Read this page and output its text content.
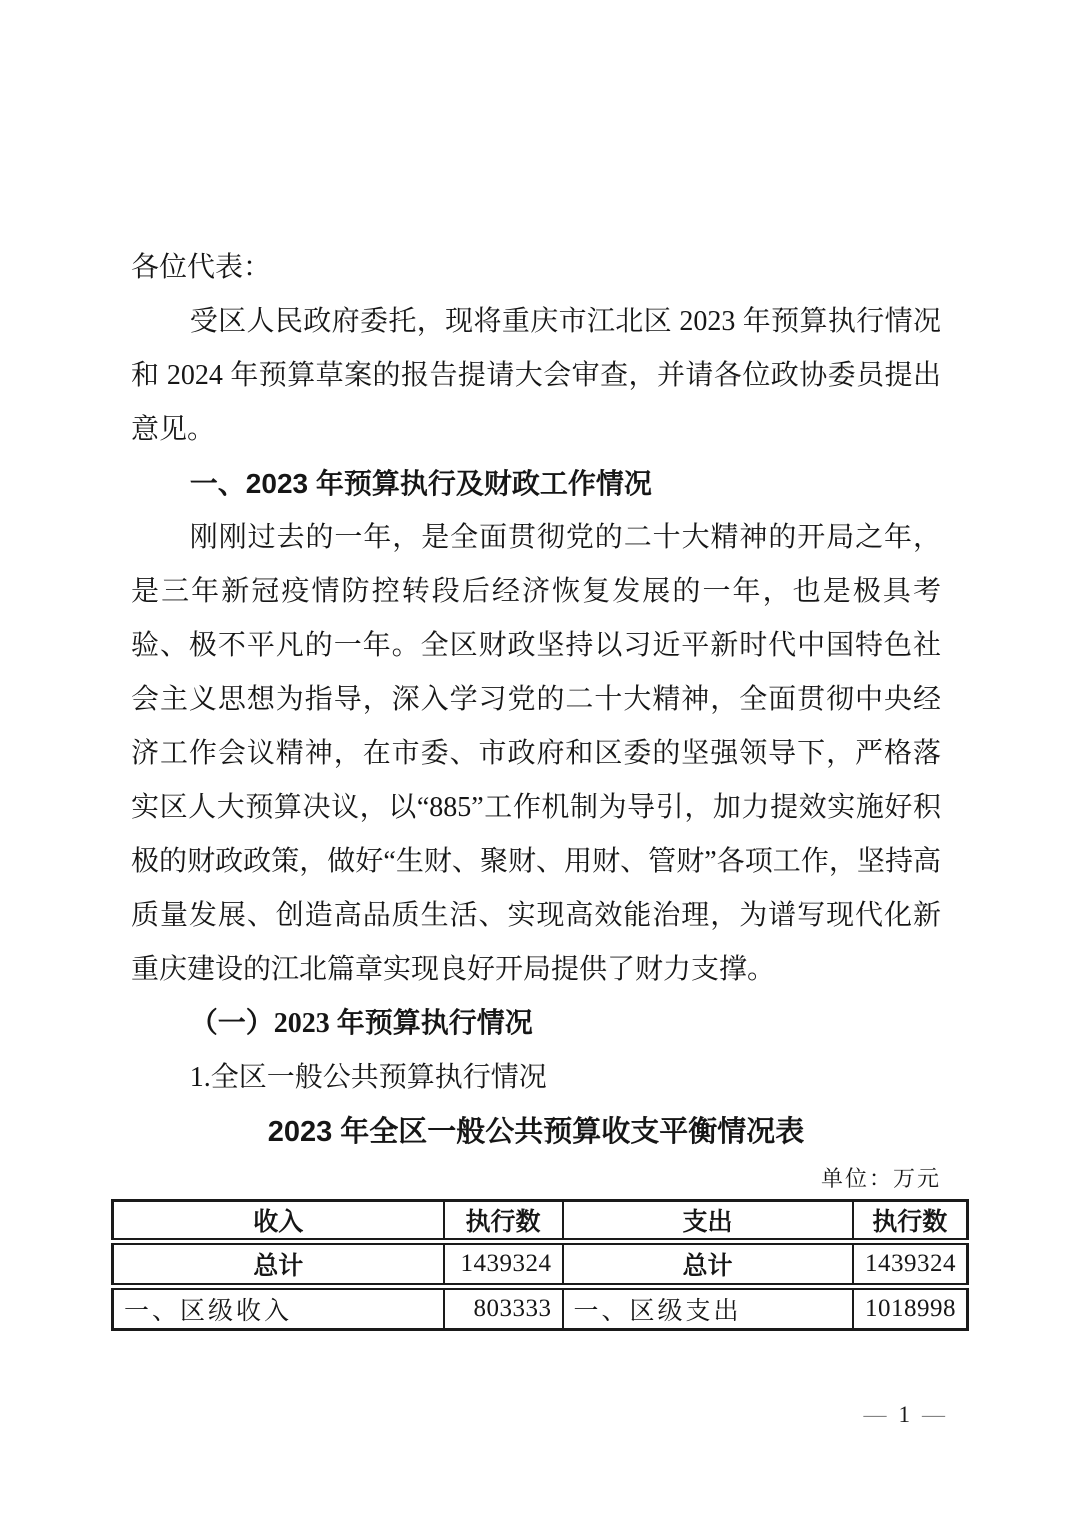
各位代表：

受区人民政府委托，现将重庆市江北区 2023 年预算执行情况和 2024 年预算草案的报告提请大会审查，并请各位政协委员提出意见。

一、2023 年预算执行及财政工作情况

刚刚过去的一年，是全面贯彻党的二十大精神的开局之年，是三年新冠疫情防控转段后经济恢复发展的一年，也是极具考验、极不平凡的一年。全区财政坚持以习近平新时代中国特色社会主义思想为指导，深入学习党的二十大精神，全面贯彻中央经济工作会议精神，在市委、市政府和区委的坚强领导下，严格落实区人大预算决议，以“885”工作机制为导引，加力提效实施好积极的财政政策，做好“生财、聚财、用财、管财”各项工作，坚持高质量发展、创造高品质生活、实现高效能治理，为谱写现代化新重庆建设的江北篇章实现良好开局提供了财力支撑。

（一）2023 年预算执行情况

1.全区一般公共预算执行情况

2023 年全区一般公共预算收支平衡情况表
单位：万元
收入	执行数	支出	执行数
总计	1439324	总计	1439324
一、区级收入	803333	一、区级支出	1018998
— 1 —
